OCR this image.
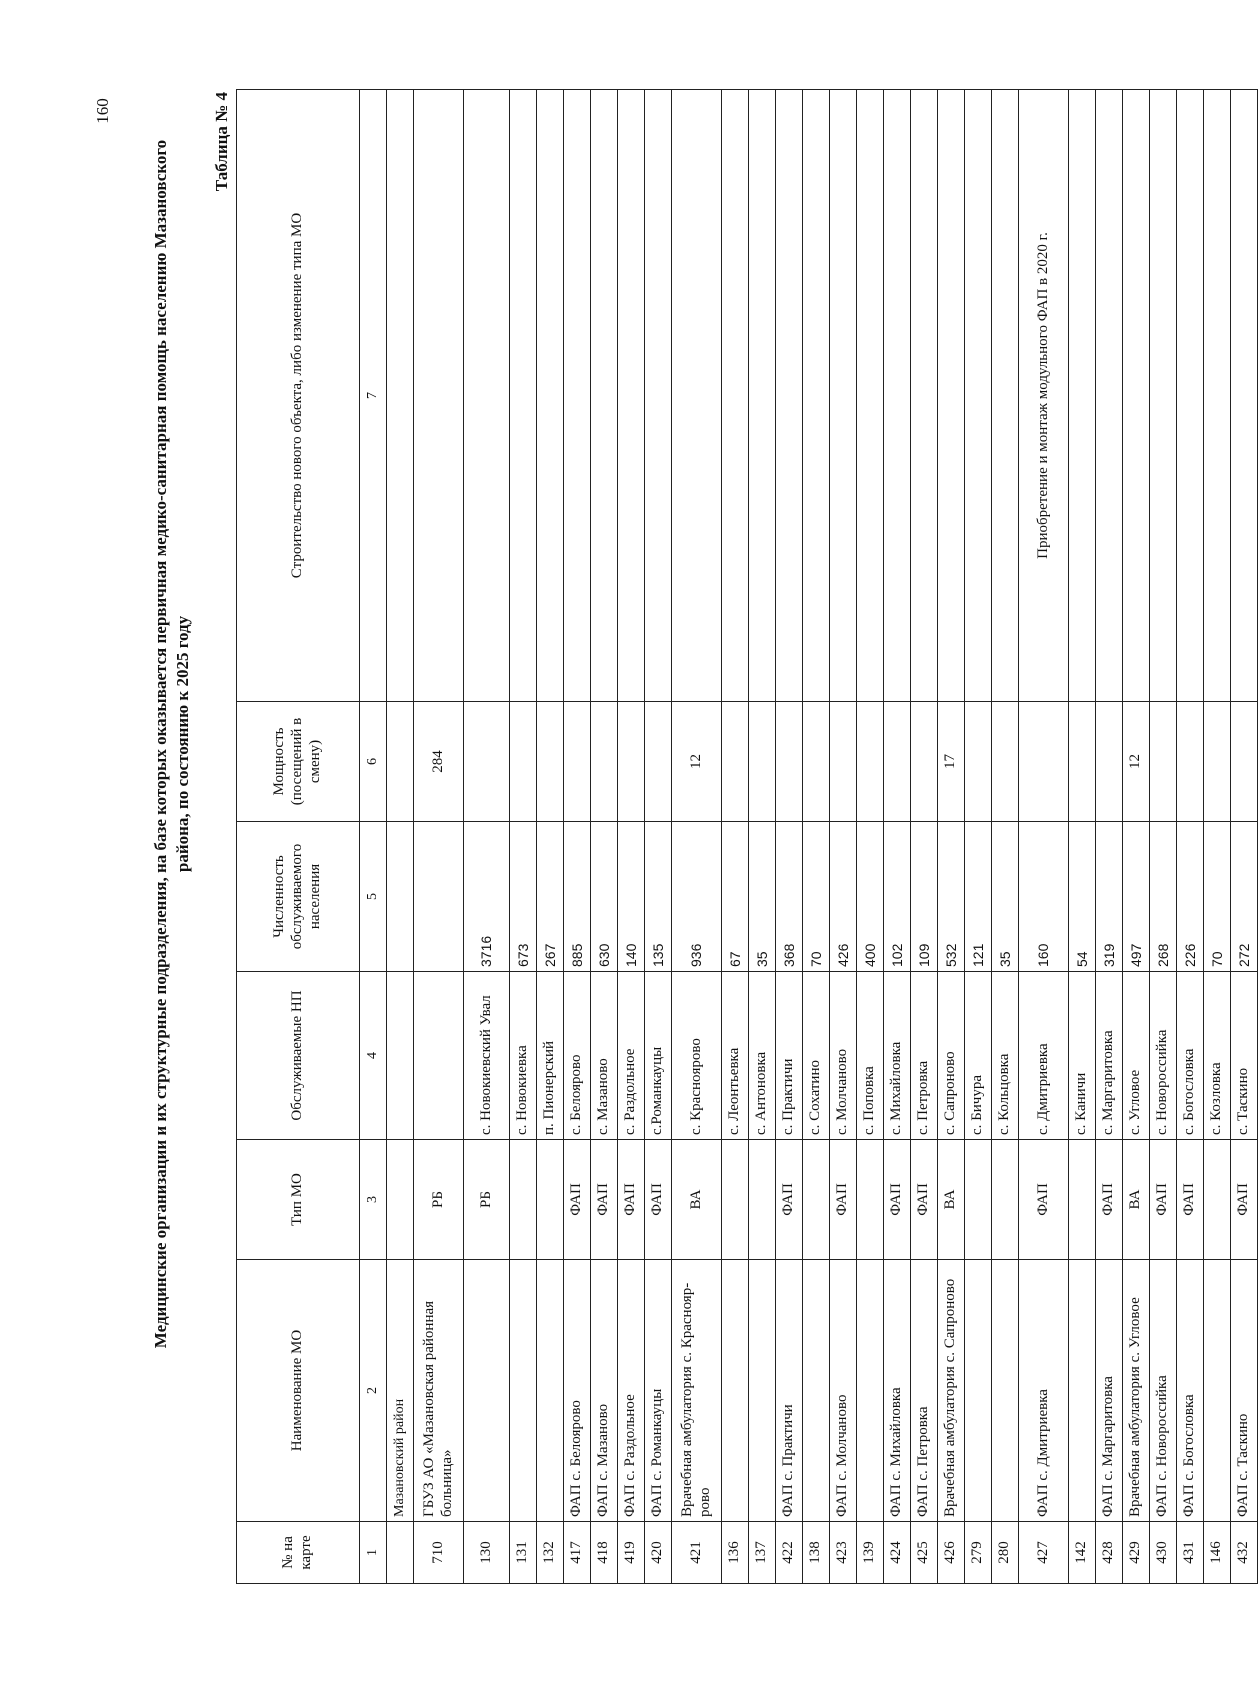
160

Медицинские организации и их структурные подразделения, на базе которых оказывается первичная медико-санитарная помощь населению Мазановского района, по состоянию к 2025 году

Таблица № 4
№ на карте	Наименование МО	Тип МО	Обслуживаемые НП	Численность обслуживаемого населения	Мощность (посещений в смену)	Строительство нового объекта, либо изменение типа МО
1	2	3	4	5	6	7
	Мазановский район					
710	ГБУЗ АО «Мазановская районная больница»	РБ			284	
130		РБ	с. Новокиевский Увал	3716		
131			с. Новокиевка	673		
132			п. Пионерский	267		
417	ФАП с. Белоярово	ФАП	с. Белоярово	885		
418	ФАП с. Мазаново	ФАП	с. Мазаново	630		
419	ФАП с. Раздольное	ФАП	с. Раздольное	140		
420	ФАП с. Романкауцы	ФАП	с.Романкауцы	135		
421	Врачебная амбулатория с. Краснояр-рово	ВА	с. Краснoярово	936	12	
136			с. Леонтьевка	67		
137			с. Антоновка	35		
422	ФАП с. Практичи	ФАП	с. Практичи	368		
138			с. Сохатино	70		
423	ФАП с. Молчаново	ФАП	с. Молчаново	426		
139			с. Поповка	400		
424	ФАП с. Михайловка	ФАП	с. Михайловка	102		
425	ФАП с. Петровка	ФАП	с. Петровка	109		
426	Врачебная амбулатория с. Сапроново	ВА	с. Сапроново	532	17	
279			с. Бичура	121		
280			с. Кольцовка	35		
427	ФАП с. Дмитриевка	ФАП	с. Дмитриевка	160		Приобретение и монтаж модульного ФАП в 2020 г.
142			с. Каничи	54		
428	ФАП с. Маргаритовка	ФАП	с. Маргаритовка	319		
429	Врачебная амбулатория с. Угловое	ВА	с. Угловое	497	12	
430	ФАП с. Новороссийка	ФАП	с. Новороссийка	268		
431	ФАП с. Богословка	ФАП	с. Богословка	226		
146			с. Козловка	70		
432	ФАП с. Таскино	ФАП	с. Таскино	272		
